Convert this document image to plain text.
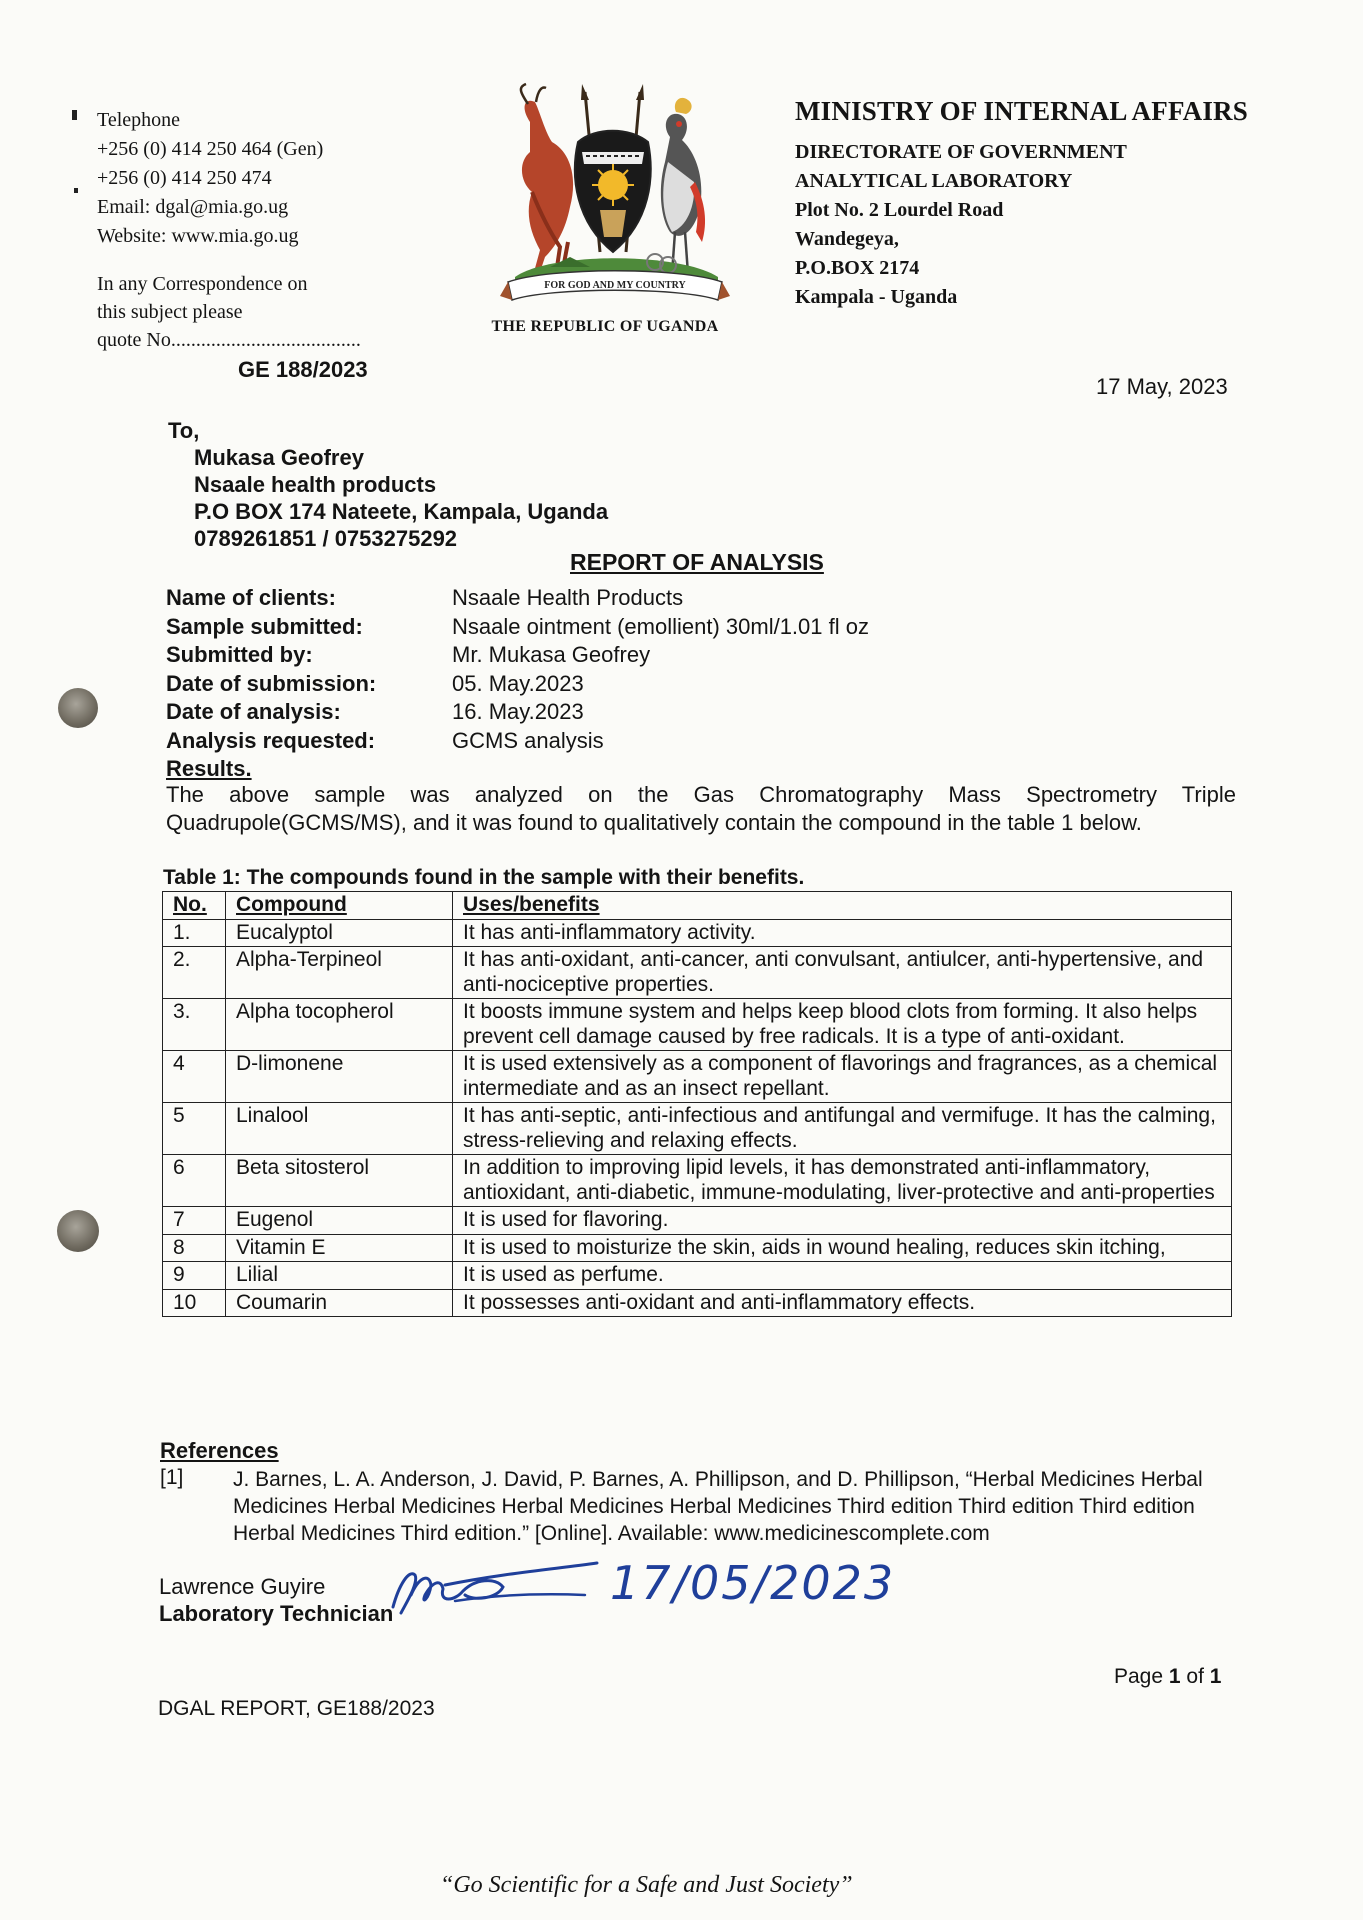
Telephone
+256 (0) 414 250 464 (Gen)
+256 (0) 414 250 474
Email: dgal@mia.go.ug
Website: www.mia.go.ug
In any Correspondence on
this subject please
quote No......................................
GE 188/2023
FOR GOD AND MY COUNTRY
THE REPUBLIC OF UGANDA
MINISTRY OF INTERNAL AFFAIRS
DIRECTORATE OF GOVERNMENT
ANALYTICAL LABORATORY
Plot No. 2 Lourdel Road
Wandegeya,
P.O.BOX 2174
Kampala - Uganda
17 May, 2023
To,
Mukasa Geofrey
Nsaale health products
P.O BOX 174 Nateete, Kampala, Uganda
0789261851 / 0753275292
REPORT OF ANALYSIS
Name of clients:	Nsaale Health Products
Sample submitted:	Nsaale ointment (emollient) 30ml/1.01 fl oz
Submitted by:	Mr. Mukasa Geofrey
Date of submission:	05. May.2023
Date of analysis:	16. May.2023
Analysis requested:	GCMS analysis
Results.
The above sample was analyzed on the Gas Chromatography Mass Spectrometry Triple Quadrupole(GCMS/MS), and it was found to qualitatively contain the compound in the table 1 below.
Table 1: The compounds found in the sample with their benefits.
No.	Compound	Uses/benefits
1.	Eucalyptol	It has anti-inflammatory activity.
2.	Alpha-Terpineol	It has anti-oxidant, anti-cancer, anti convulsant, antiulcer, anti-hypertensive, and anti-nociceptive properties.
3.	Alpha tocopherol	It boosts immune system and helps keep blood clots from forming. It also helps prevent cell damage caused by free radicals. It is a type of anti-oxidant.
4	D-limonene	It is used extensively as a component of flavorings and fragrances, as a chemical intermediate and as an insect repellant.
5	Linalool	It has anti-septic, anti-infectious and antifungal and vermifuge. It has the calming, stress-relieving and relaxing effects.
6	Beta sitosterol	In addition to improving lipid levels, it has demonstrated anti-inflammatory, antioxidant, anti-diabetic, immune-modulating, liver-protective and anti-properties
7	Eugenol	It is used for flavoring.
8	Vitamin E	It is used to moisturize the skin, aids in wound healing, reduces skin itching,
9	Lilial	It is used as perfume.
10	Coumarin	It possesses anti-oxidant and anti-inflammatory effects.
References
[1] J. Barnes, L. A. Anderson, J. David, P. Barnes, A. Phillipson, and D. Phillipson, “Herbal Medicines Herbal Medicines Herbal Medicines Herbal Medicines Herbal Medicines Third edition Third edition Third edition Herbal Medicines Third edition.” [Online]. Available: www.medicinescomplete.com
Lawrence Guyire
Laboratory Technician
17/05/2023
Page 1 of 1
DGAL REPORT, GE188/2023
“Go Scientific for a Safe and Just Society”
